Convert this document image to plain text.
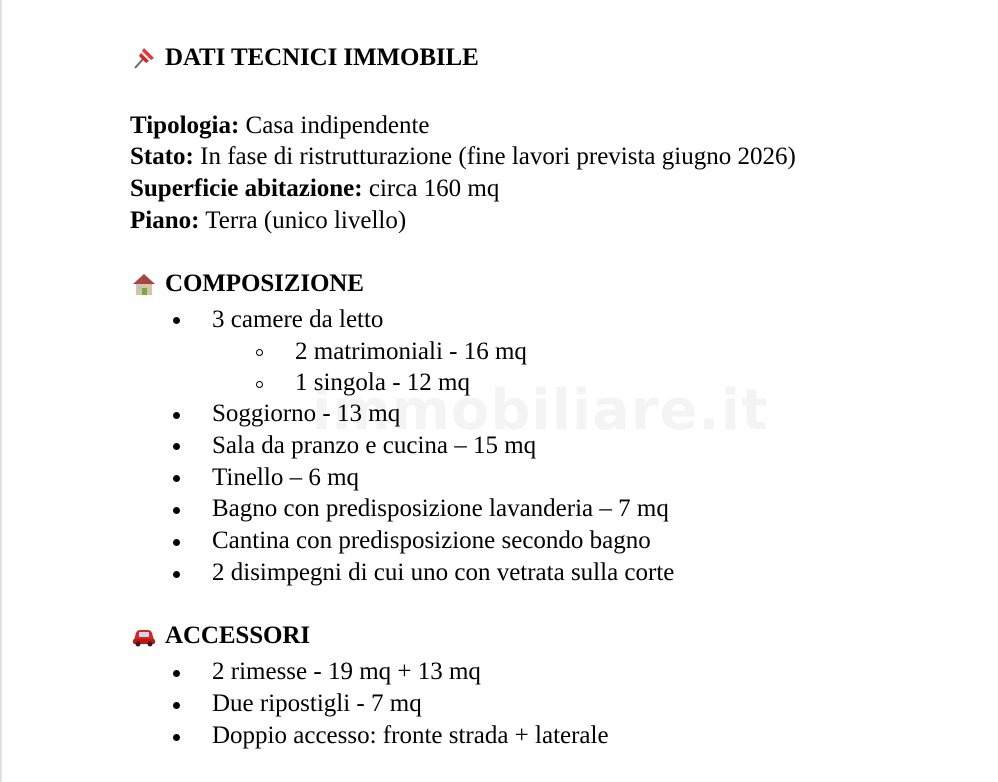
DATI TECNICI IMMOBILE
Tipologia: Casa indipendente
Stato: In fase di ristrutturazione (fine lavori prevista giugno 2026)
Superficie abitazione: circa 160 mq
Piano: Terra (unico livello)
COMPOSIZIONE
3 camere da letto
2 matrimoniali - 16 mq
1 singola - 12 mq
Soggiorno - 13 mq
Sala da pranzo e cucina – 15 mq
Tinello – 6 mq
Bagno con predisposizione lavanderia – 7 mq
Cantina con predisposizione secondo bagno
2 disimpegni di cui uno con vetrata sulla corte
ACCESSORI
2 rimesse - 19 mq + 13 mq
Due ripostigli - 7 mq
Doppio accesso: fronte strada + laterale
